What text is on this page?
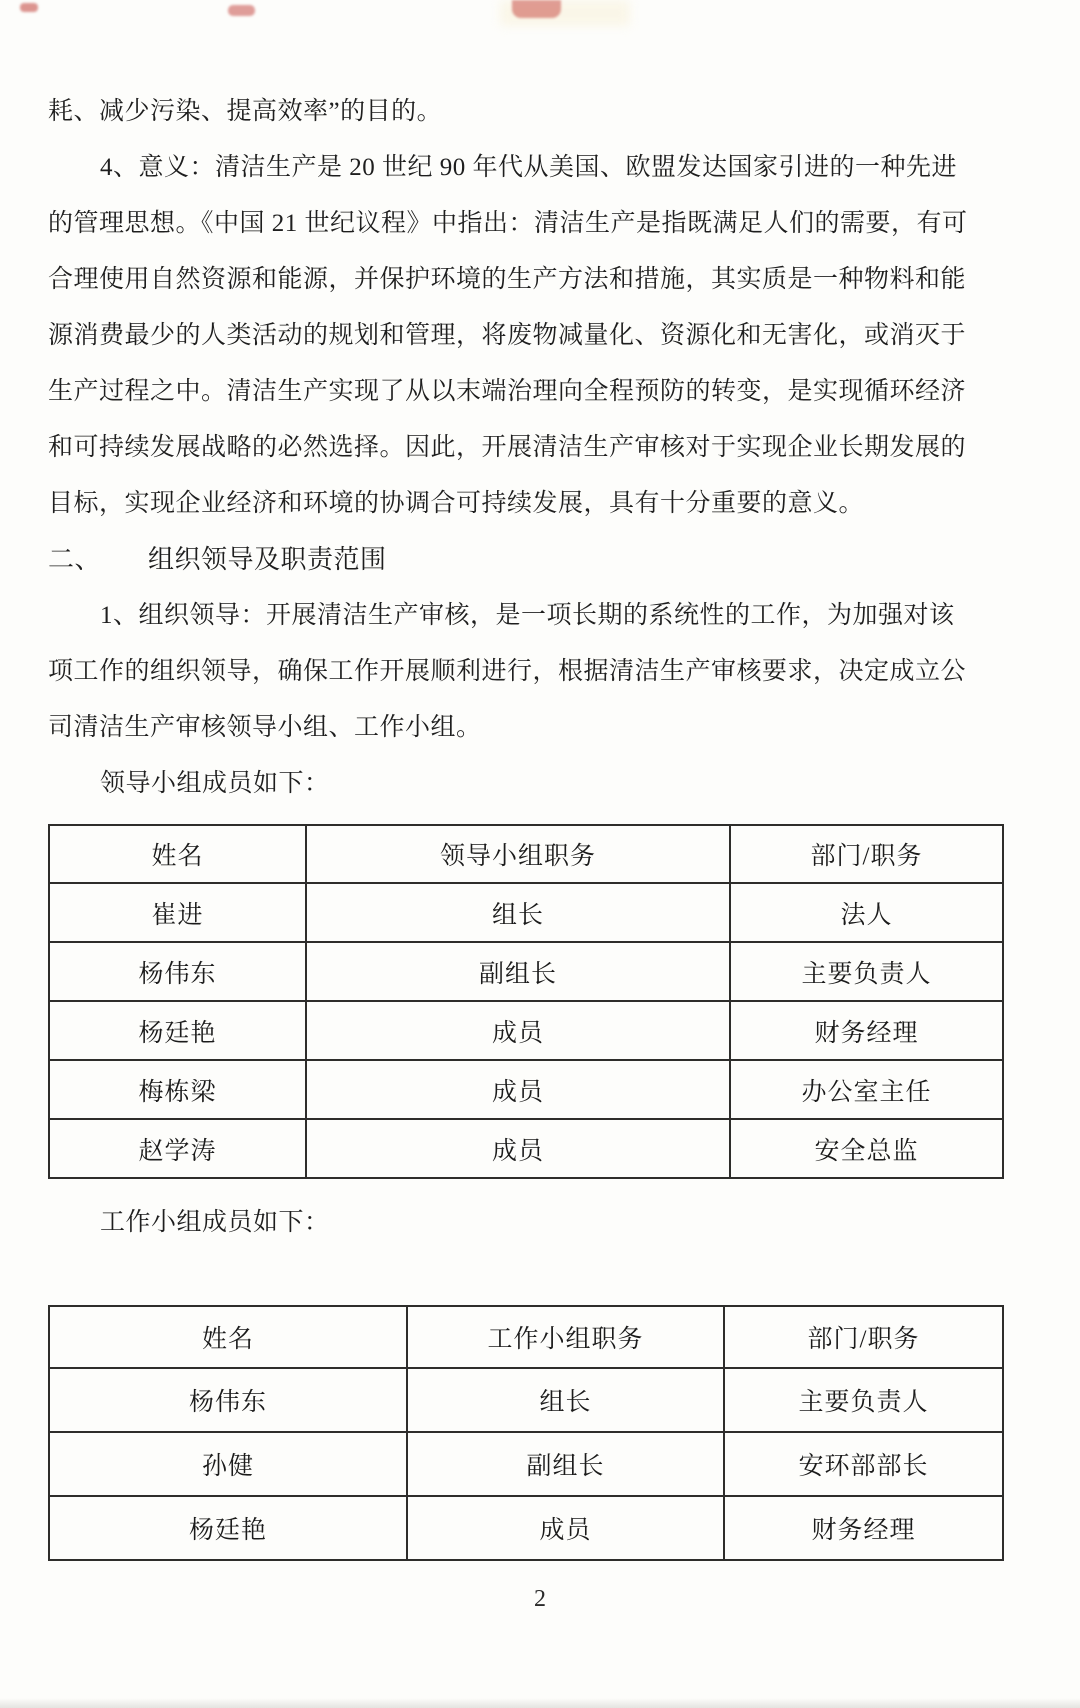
耗、减少污染、提高效率”的目的。

4、意义：清洁生产是 20 世纪 90 年代从美国、欧盟发达国家引进的一种先进

的管理思想。《中国 21 世纪议程》中指出：清洁生产是指既满足人们的需要，有可

合理使用自然资源和能源，并保护环境的生产方法和措施，其实质是一种物料和能

源消费最少的人类活动的规划和管理，将废物减量化、资源化和无害化，或消灭于

生产过程之中。清洁生产实现了从以末端治理向全程预防的转变，是实现循环经济

和可持续发展战略的必然选择。因此，开展清洁生产审核对于实现企业长期发展的

目标，实现企业经济和环境的协调合可持续发展，具有十分重要的意义。

二、 组织领导及职责范围

1、组织领导：开展清洁生产审核，是一项长期的系统性的工作，为加强对该

项工作的组织领导，确保工作开展顺利进行，根据清洁生产审核要求，决定成立公

司清洁生产审核领导小组、工作小组。

领导小组成员如下：

姓名	领导小组职务	部门/职务
崔进	组长	法人
杨伟东	副组长	主要负责人
杨廷艳	成员	财务经理
梅栋梁	成员	办公室主任
赵学涛	成员	安全总监

工作小组成员如下：

姓名	工作小组职务	部门/职务
杨伟东	组长	主要负责人
孙健	副组长	安环部部长
杨廷艳	成员	财务经理
2
